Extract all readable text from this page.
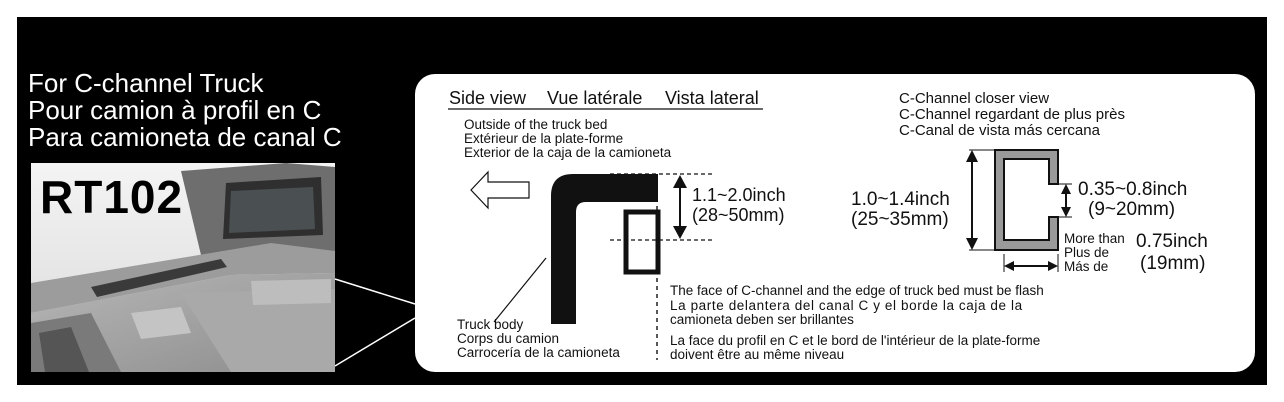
For C-channel Truck
Pour camion à profil en C
Para camioneta de canal C
RT102
Side view Vue latérale Vista lateral
Outside of the truck bed
Extérieur de la plate-forme
Exterior de la caja de la camioneta
1.1~2.0inch
(28~50mm)
Truck body
Corps du camion
Carrocería de la camioneta
The face of C-channel and the edge of truck bed must be flash
La parte delantera del canal C y el borde la caja de la
camioneta deben ser brillantes
La face du profil en C et le bord de l'intérieur de la plate-forme
doivent être au même niveau
C-Channel closer view
C-Channel regardant de plus près
C-Canal de vista más cercana
1.0~1.4inch
(25~35mm)
0.35~0.8inch
(9~20mm)
More than
Plus de
Más de
0.75inch
(19mm)
